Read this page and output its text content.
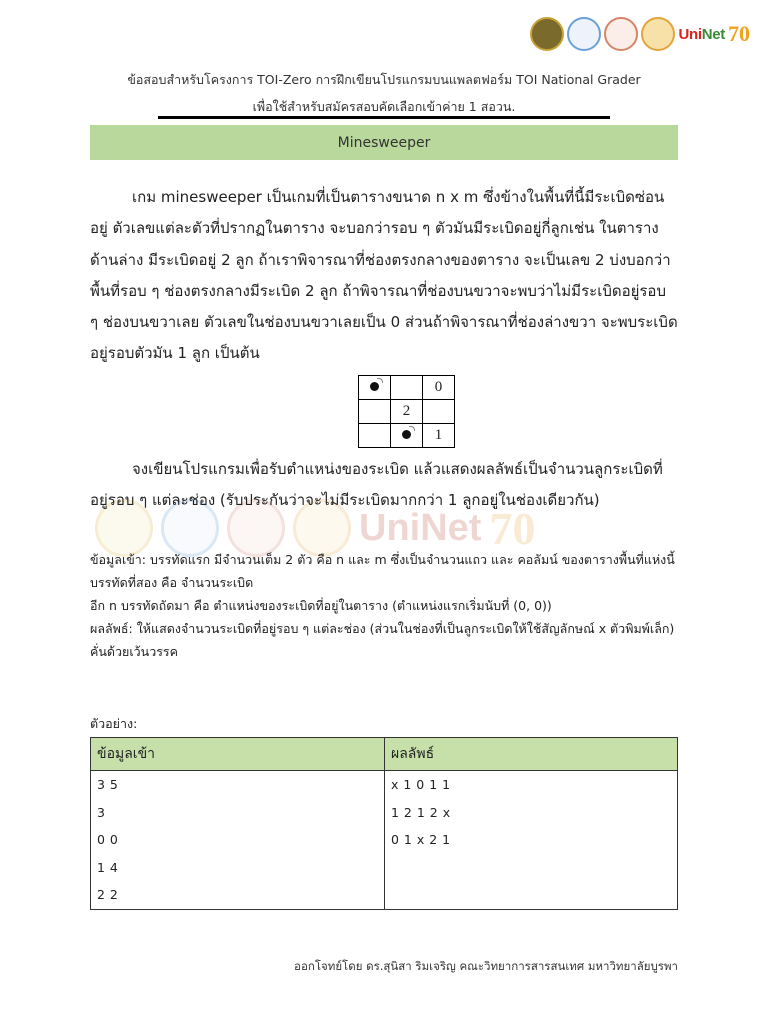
UniNet 70
ข้อสอบสำหรับโครงการ TOI-Zero การฝึกเขียนโปรแกรมบนแพลตฟอร์ม TOI National Grader
เพื่อใช้สำหรับสมัครสอบคัดเลือกเข้าค่าย 1 สอวน.
Minesweeper
เกม minesweeper เป็นเกมที่เป็นตารางขนาด n x m ซึ่งข้างในพื้นที่นี้มีระเบิดซ่อนอยู่ ตัวเลขแต่ละตัวที่ปรากฏในตาราง จะบอกว่ารอบ ๆ ตัวมันมีระเบิดอยู่กี่ลูกเช่น ในตารางด้านล่าง มีระเบิดอยู่ 2 ลูก ถ้าเราพิจารณาที่ช่องตรงกลางของตาราง จะเป็นเลข 2 บ่งบอกว่าพื้นที่รอบ ๆ ช่องตรงกลางมีระเบิด 2 ลูก ถ้าพิจารณาที่ช่องบนขวาจะพบว่าไม่มีระเบิดอยู่รอบ ๆ ช่องบนขวาเลย ตัวเลขในช่องบนขวาเลยเป็น 0 ส่วนถ้าพิจารณาที่ช่องล่างขวา จะพบระเบิดอยู่รอบตัวมัน 1 ลูก เป็นต้น
		0
	2	
		1
UniNet 70
จงเขียนโปรแกรมเพื่อรับตำแหน่งของระเบิด แล้วแสดงผลลัพธ์เป็นจำนวนลูกระเบิดที่อยู่รอบ ๆ แต่ละช่อง (รับประกันว่าจะไม่มีระเบิดมากกว่า 1 ลูกอยู่ในช่องเดียวกัน)
ข้อมูลเข้า: บรรทัดแรก มีจำนวนเต็ม 2 ตัว คือ n และ m ซึ่งเป็นจำนวนแถว และ คอลัมน์ ของตารางพื้นที่แห่งนี้
บรรทัดที่สอง คือ จำนวนระเบิด
อีก n บรรทัดถัดมา คือ ตำแหน่งของระเบิดที่อยู่ในตาราง (ตำแหน่งแรกเริ่มนับที่ (0, 0))
ผลลัพธ์: ให้แสดงจำนวนระเบิดที่อยู่รอบ ๆ แต่ละช่อง (ส่วนในช่องที่เป็นลูกระเบิดให้ใช้สัญลักษณ์ x ตัวพิมพ์เล็ก) คั่นด้วยเว้นวรรค
ตัวอย่าง:
ข้อมูลเข้า	ผลลัพธ์
3 5	x 1 0 1 1
3	1 2 1 2 x
0 0	0 1 x 2 1
1 4	
2 2	
ออกโจทย์โดย ดร.สุนิสา ริมเจริญ คณะวิทยาการสารสนเทศ มหาวิทยาลัยบูรพา
